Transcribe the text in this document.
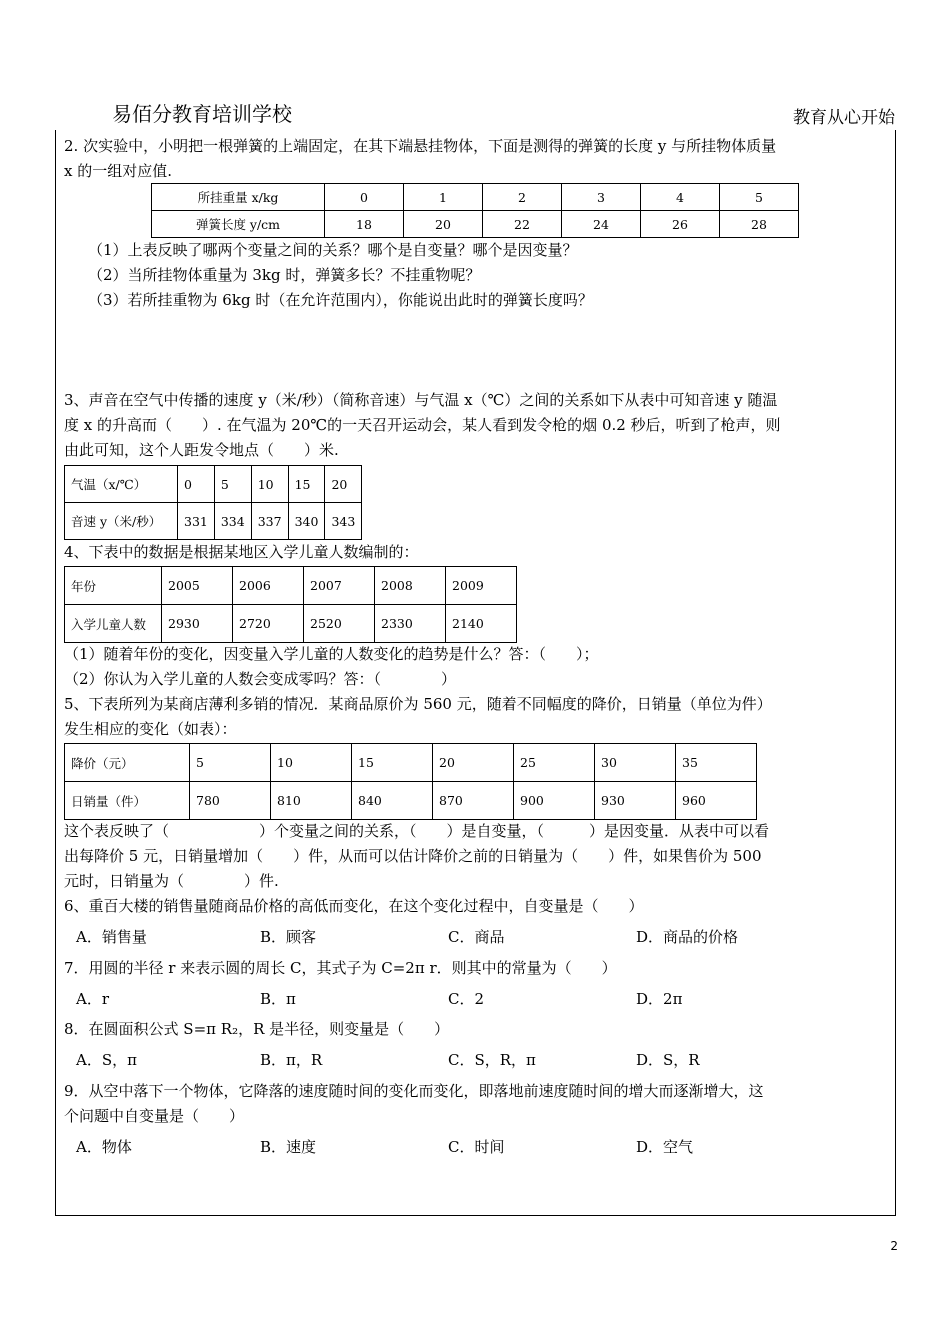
易佰分教育培训学校	教育从心开始
2. 次实验中，小明把一根弹簧的上端固定，在其下端悬挂物体，下面是测得的弹簧的长度 y 与所挂物体质量
x 的一组对应值.
所挂重量 x/kg	0	1	2	3	4	5
弹簧长度 y/cm	18	20	22	24	26	28
（1）上表反映了哪两个变量之间的关系？哪个是自变量？哪个是因变量？
（2）当所挂物体重量为 3kg 时，弹簧多长？不挂重物呢？
（3）若所挂重物为 6kg 时（在允许范围内），你能说出此时的弹簧长度吗？
3、声音在空气中传播的速度 y（米/秒）（简称音速）与气温 x（℃）之间的关系如下从表中可知音速 y 随温
度 x 的升高而（　　）. 在气温为 20℃的一天召开运动会，某人看到发令枪的烟 0.2 秒后，听到了枪声，则
由此可知，这个人距发令地点（　　）米.
气温（x/℃）	0	5	10	15	20
音速 y（米/秒）	331	334	337	340	343
4、下表中的数据是根据某地区入学儿童人数编制的：
年份	2005	2006	2007	2008	2009
入学儿童人数	2930	2720	2520	2330	2140
（1）随着年份的变化，因变量入学儿童的人数变化的趋势是什么？答：（　　）；
（2）你认为入学儿童的人数会变成零吗？答：（　　　　）
5、下表所列为某商店薄利多销的情况．某商品原价为 560 元，随着不同幅度的降价，日销量（单位为件）
发生相应的变化（如表）：
降价（元）	5	10	15	20	25	30	35
日销量（件）	780	810	840	870	900	930	960
这个表反映了（　　　　　　）个变量之间的关系，（　　）是自变量，（　　　）是因变量．从表中可以看
出每降价 5 元，日销量增加（　　）件，从而可以估计降价之前的日销量为（　　）件，如果售价为 500
元时，日销量为（　　　　）件.
6、重百大楼的销售量随商品价格的高低而变化，在这个变化过程中，自变量是（　　）
A．销售量	B．顾客	C．商品	D．商品的价格
7．用圆的半径 r 来表示圆的周长 C，其式子为 C=2π r．则其中的常量为（　　）
A．r	B．π	C．2	D．2π
8．在圆面积公式 S=π R₂，R 是半径，则变量是（　　）
A．S，π	B．π，R	C．S，R，π	D．S，R
9．从空中落下一个物体，它降落的速度随时间的变化而变化，即落地前速度随时间的增大而逐渐增大，这
个问题中自变量是（　　）
A．物体	B．速度	C．时间	D．空气
2
